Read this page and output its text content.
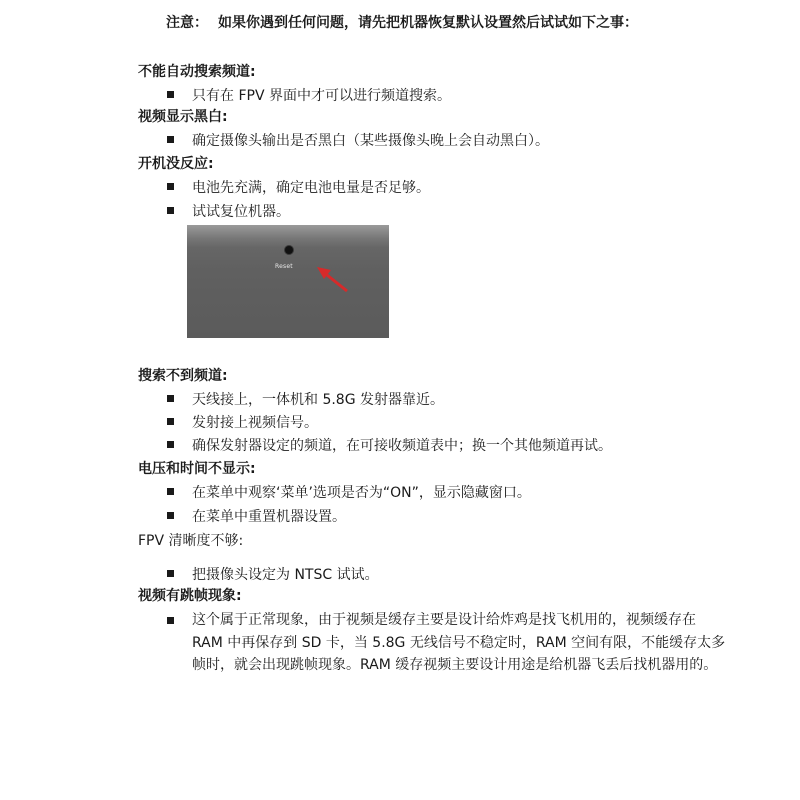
注意： 如果你遇到任何问题，请先把机器恢复默认设置然后试试如下之事：
不能自动搜索频道:
只有在 FPV 界面中才可以进行频道搜索。
视频显示黑白:
确定摄像头输出是否黑白（某些摄像头晚上会自动黑白）。
开机没反应:
电池先充满，确定电池电量是否足够。
试试复位机器。
Reset
搜索不到频道:
天线接上，一体机和 5.8G 发射器靠近。
发射接上视频信号。
确保发射器设定的频道，在可接收频道表中；换一个其他频道再试。
电压和时间不显示:
在菜单中观察‘菜单’选项是否为“ON”，显示隐藏窗口。
在菜单中重置机器设置。
FPV 清晰度不够:
把摄像头设定为 NTSC 试试。
视频有跳帧现象:
这个属于正常现象，由于视频是缓存主要是设计给炸鸡是找飞机用的，视频缓存在 RAM 中再保存到 SD 卡，当 5.8G 无线信号不稳定时，RAM 空间有限，不能缓存太多帧时，就会出现跳帧现象。RAM 缓存视频主要设计用途是给机器飞丢后找机器用的。
